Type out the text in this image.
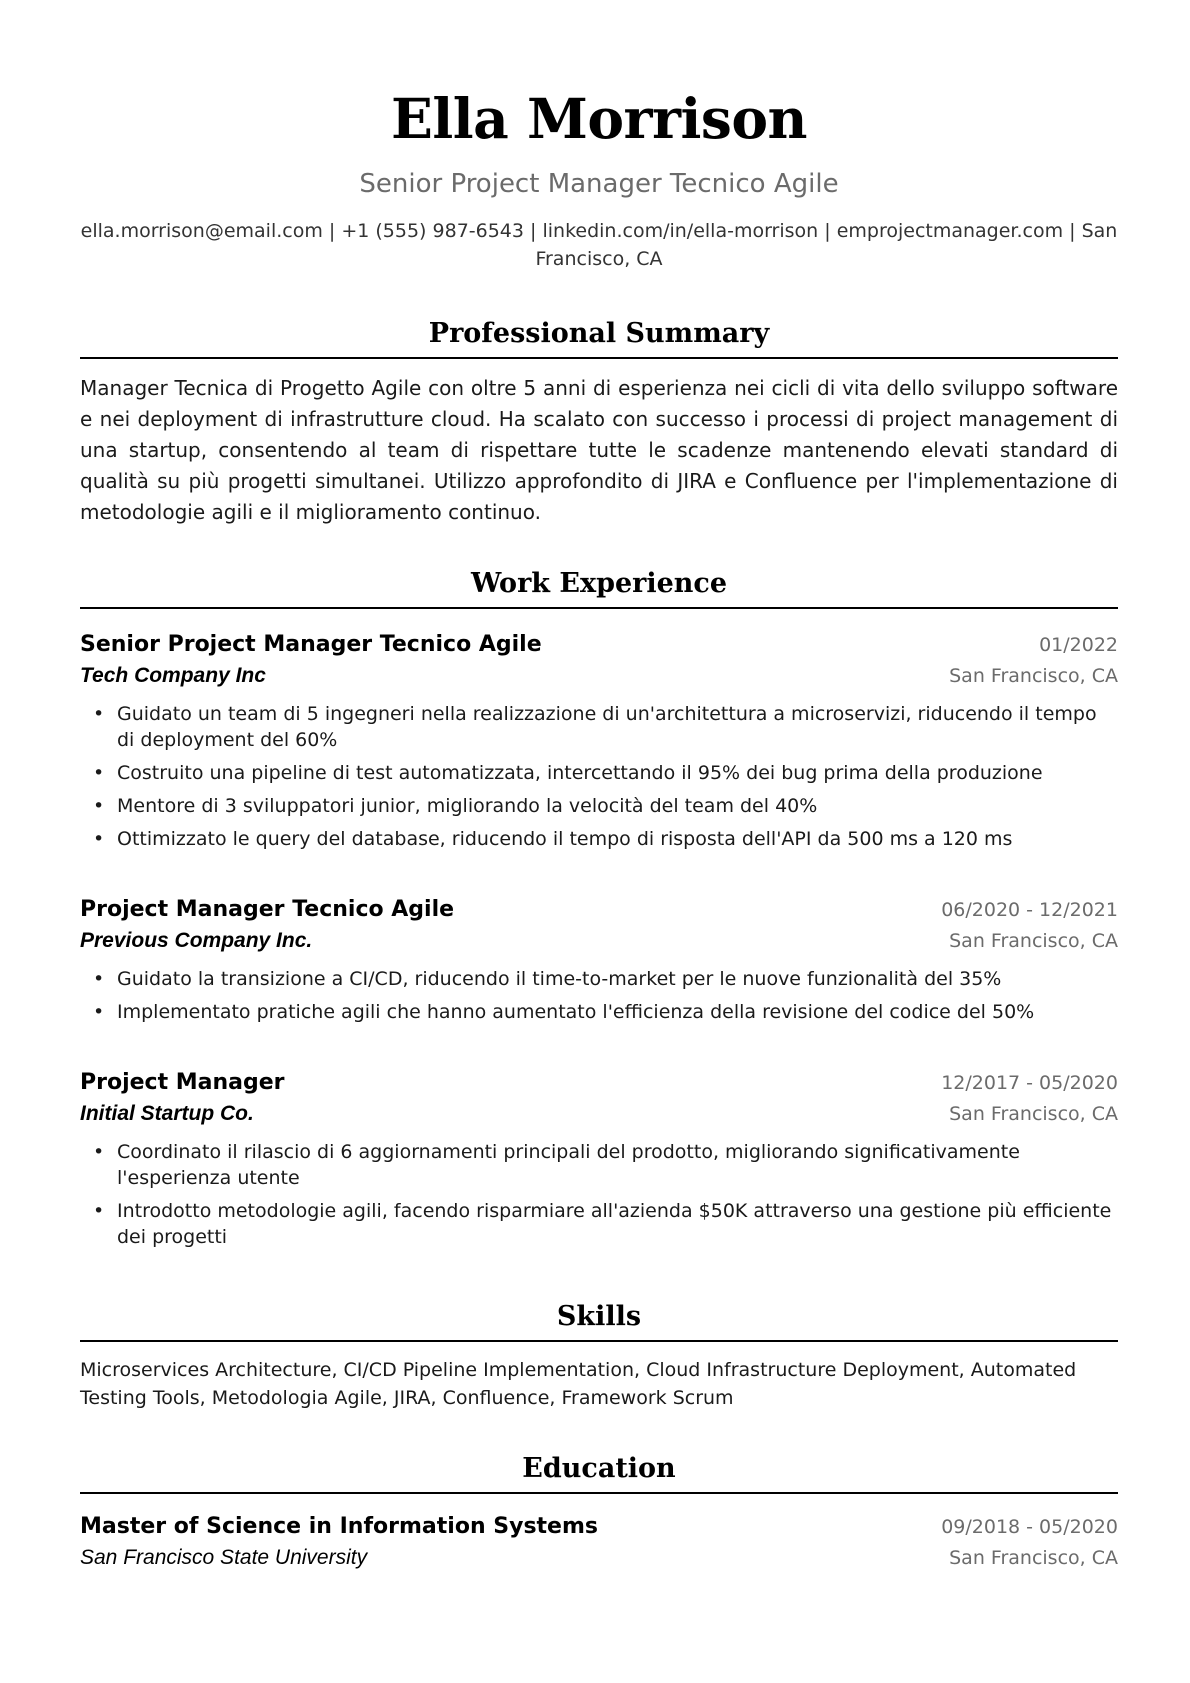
Ella Morrison
Senior Project Manager Tecnico Agile
ella.morrison@email.com | +1 (555) 987-6543 | linkedin.com/in/ella-morrison | emprojectmanager.com | San Francisco, CA
Professional Summary
Manager Tecnica di Progetto Agile con oltre 5 anni di esperienza nei cicli di vita dello sviluppo software e nei deployment di infrastrutture cloud. Ha scalato con successo i processi di project management di una startup, consentendo al team di rispettare tutte le scadenze mantenendo elevati standard di qualità su più progetti simultanei. Utilizzo approfondito di JIRA e Confluence per l'implementazione di metodologie agili e il miglioramento continuo.
Work Experience
Senior Project Manager Tecnico Agile	01/2022
Tech Company Inc	San Francisco, CA
• Guidato un team di 5 ingegneri nella realizzazione di un'architettura a microservizi, riducendo il tempo di deployment del 60%
• Costruito una pipeline di test automatizzata, intercettando il 95% dei bug prima della produzione
• Mentore di 3 sviluppatori junior, migliorando la velocità del team del 40%
• Ottimizzato le query del database, riducendo il tempo di risposta dell'API da 500 ms a 120 ms
Project Manager Tecnico Agile	06/2020 - 12/2021
Previous Company Inc.	San Francisco, CA
• Guidato la transizione a CI/CD, riducendo il time-to-market per le nuove funzionalità del 35%
• Implementato pratiche agili che hanno aumentato l'efficienza della revisione del codice del 50%
Project Manager	12/2017 - 05/2020
Initial Startup Co.	San Francisco, CA
• Coordinato il rilascio di 6 aggiornamenti principali del prodotto, migliorando significativamente l'esperienza utente
• Introdotto metodologie agili, facendo risparmiare all'azienda $50K attraverso una gestione più efficiente dei progetti
Skills
Microservices Architecture, CI/CD Pipeline Implementation, Cloud Infrastructure Deployment, Automated Testing Tools, Metodologia Agile, JIRA, Confluence, Framework Scrum
Education
Master of Science in Information Systems	09/2018 - 05/2020
San Francisco State University	San Francisco, CA
